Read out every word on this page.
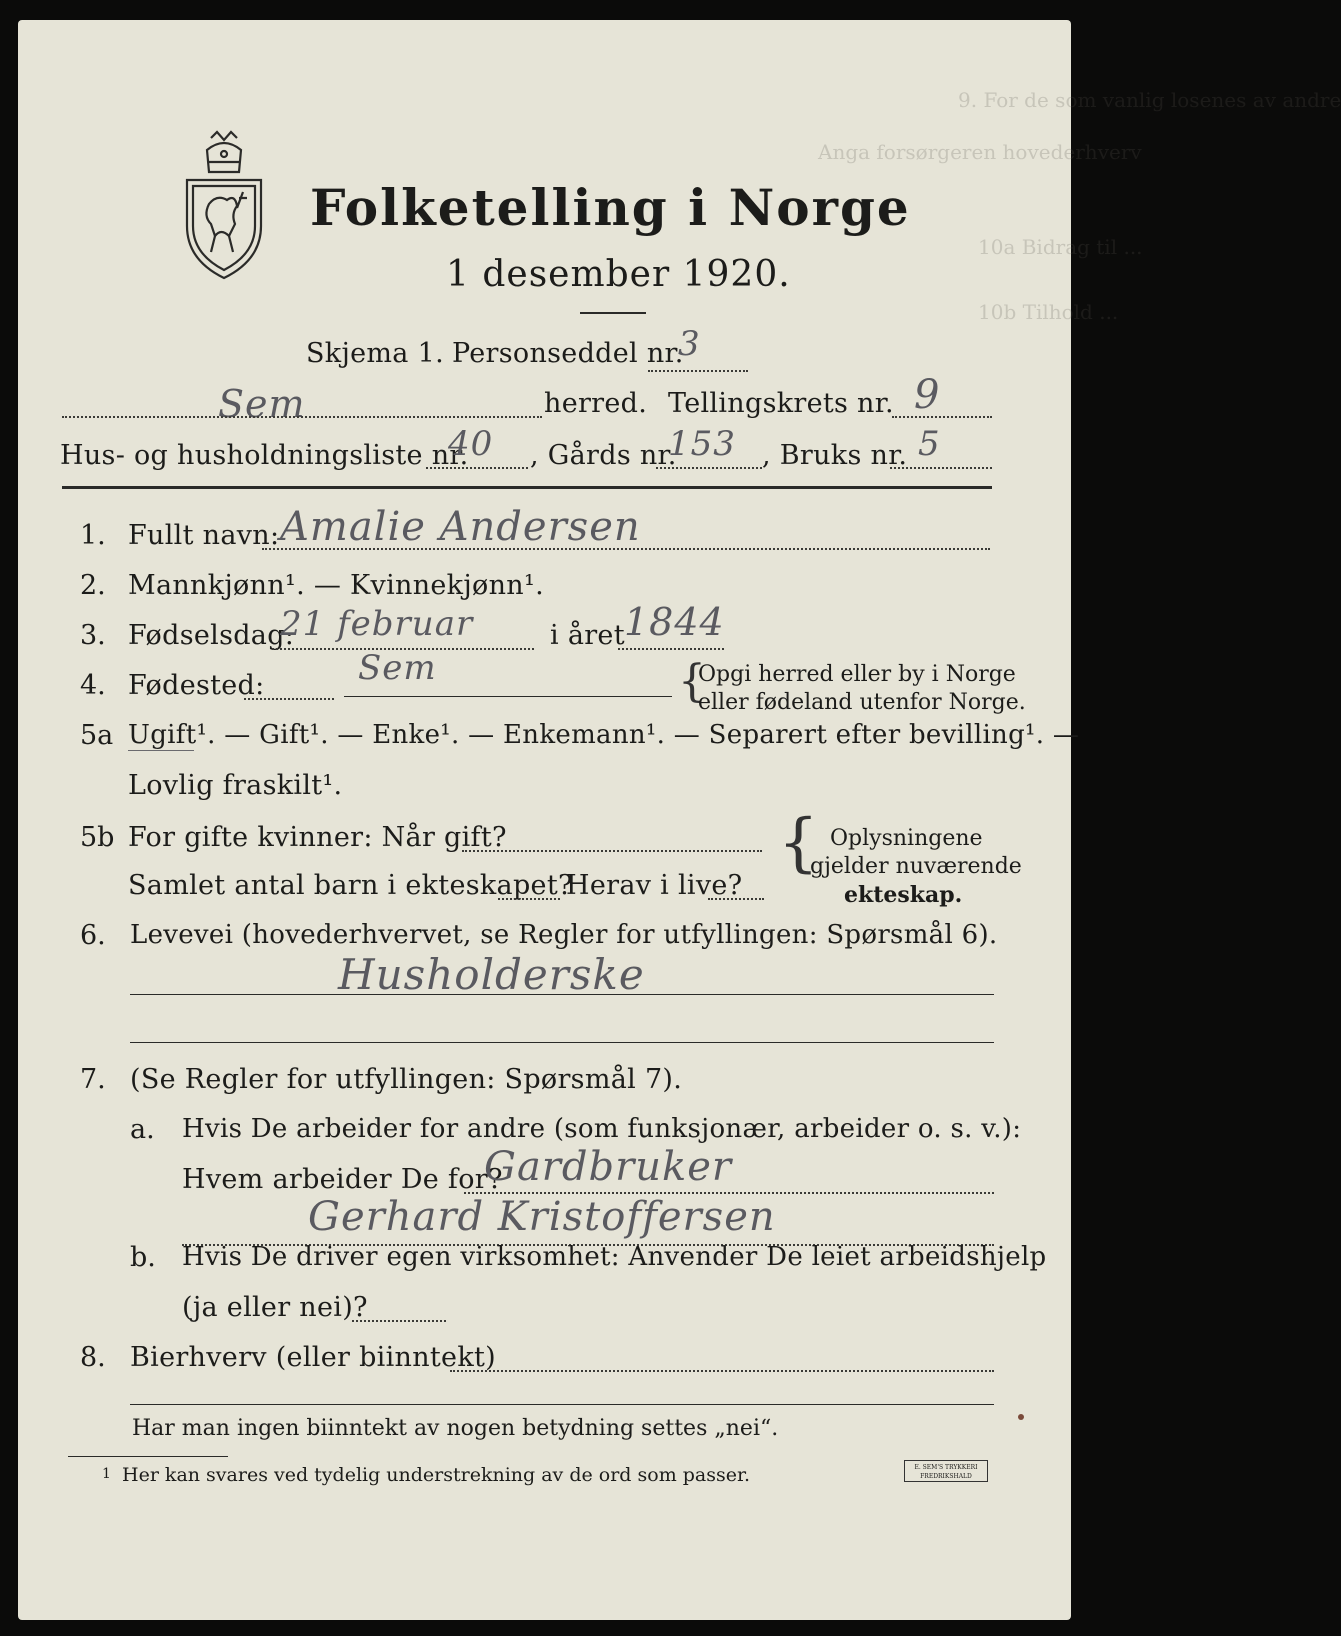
9. For de som vanlig losenes av andre
Anga forsørgeren hovederhverv
10a Bidrag til ...
10b Tilhold ...
Folketelling i Norge
1 desember 1920.
Skjema 1. Personseddel nr.
3
Sem	herred. Tellingskrets nr. 9
Hus- og husholdningsliste nr.
40 , Gårds nr.
153 , Bruks nr. 5
1. Fullt navn: Amalie Andersen
2. Mannkjønn¹. — Kvinnekjønn¹.
3. Fødselsdag:
21 februar	i året 1844
4. Fødested:	Sem	{
Opgi herred eller by i Norge
eller fødeland utenfor Norge.
5a Ugift¹. — Gift¹. — Enke¹. — Enkemann¹. — Separert efter bevilling¹. —
Lovlig fraskilt¹.
5b For gifte kvinner: Når gift?
Samlet antal barn i ekteskapet?
Herav i live?
{ Oplysningene
gjelder nuværende
ekteskap.
6. Levevei (hovederhvervet, se Regler for utfyllingen: Spørsmål 6).
Husholderske
7. (Se Regler for utfyllingen: Spørsmål 7).
a. Hvis De arbeider for andre (som funksjonær, arbeider o. s. v.):
Hvem arbeider De for?
Gardbruker
Gerhard Kristoffersen
b. Hvis De driver egen virksomhet: Anvender De leiet arbeidshjelp
(ja eller nei)?
8. Bierhverv (eller biinntekt)
Har man ingen biinntekt av nogen betydning settes „nei“.
1 Her kan svares ved tydelig understrekning av de ord som passer.	E. SEM'S TRYKKERI
FREDRIKSHALD
